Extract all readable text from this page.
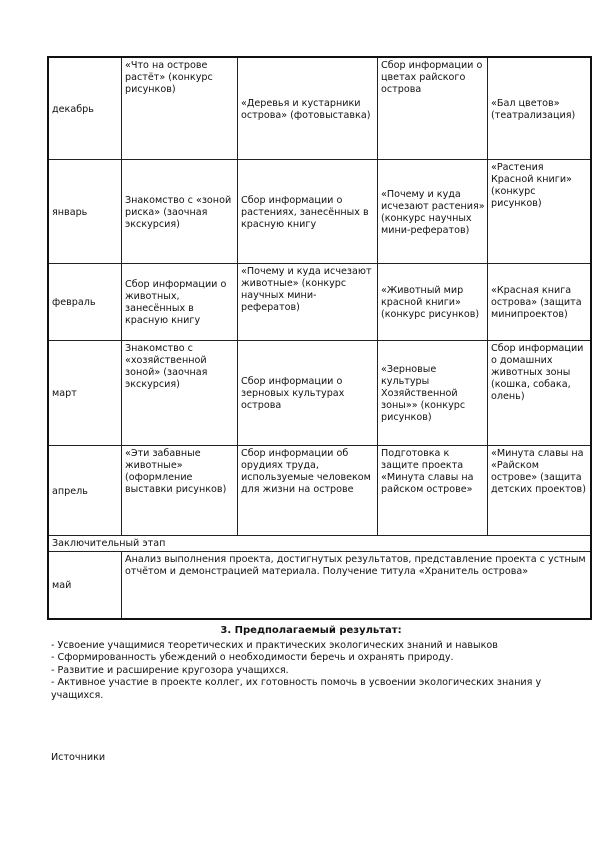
декабрь	«Что на острове растёт» (конкурс рисунков)	«Деревья и кустарники острова» (фотовыставка)	Сбор информации о цветах райского острова	«Бал цветов» (театрализация)
январь	Знакомство с «зоной риска» (заочная экскурсия)	Сбор информации о растениях, занесённых в красную книгу	«Почему и куда исчезают растения» (конкурс научных мини-рефератов)	«Растения Красной книги» (конкурс рисунков)
февраль	Сбор информации о животных, занесённых в красную книгу	«Почему и куда исчезают животные» (конкурс научных мини-рефератов)	«Животный мир красной книги» (конкурс рисунков)	«Красная книга острова» (защита минипроектов)
март	Знакомство с «хозяйственной зоной» (заочная экскурсия)	Сбор информации о зерновых культурах острова	«Зерновые культуры Хозяйственной зоны»» (конкурс рисунков)	Сбор информации о домашних животных зоны (кошка, собака, олень)
апрель	«Эти забавные животные» (оформление выставки рисунков)	Сбор информации об орудиях труда, используемые человеком для жизни на острове	Подготовка к защите проекта «Минута славы на райском острове»	«Минута славы на «Райском острове» (защита детских проектов)
Заключительный этап				
май	Анализ выполнения проекта, достигнутых результатов, представление проекта с устным отчётом и демонстрацией материала. Получение титула «Хранитель острова»			
3. Предполагаемый результат:

- Усвоение учащимися теоретических и практических экологических знаний и навыков

- Сформированность убеждений о необходимости беречь и охранять природу.

- Развитие и расширение кругозора учащихся.

- Активное участие в проекте коллег, их готовность помочь в усвоении экологических знания у учащихся.

Источники
